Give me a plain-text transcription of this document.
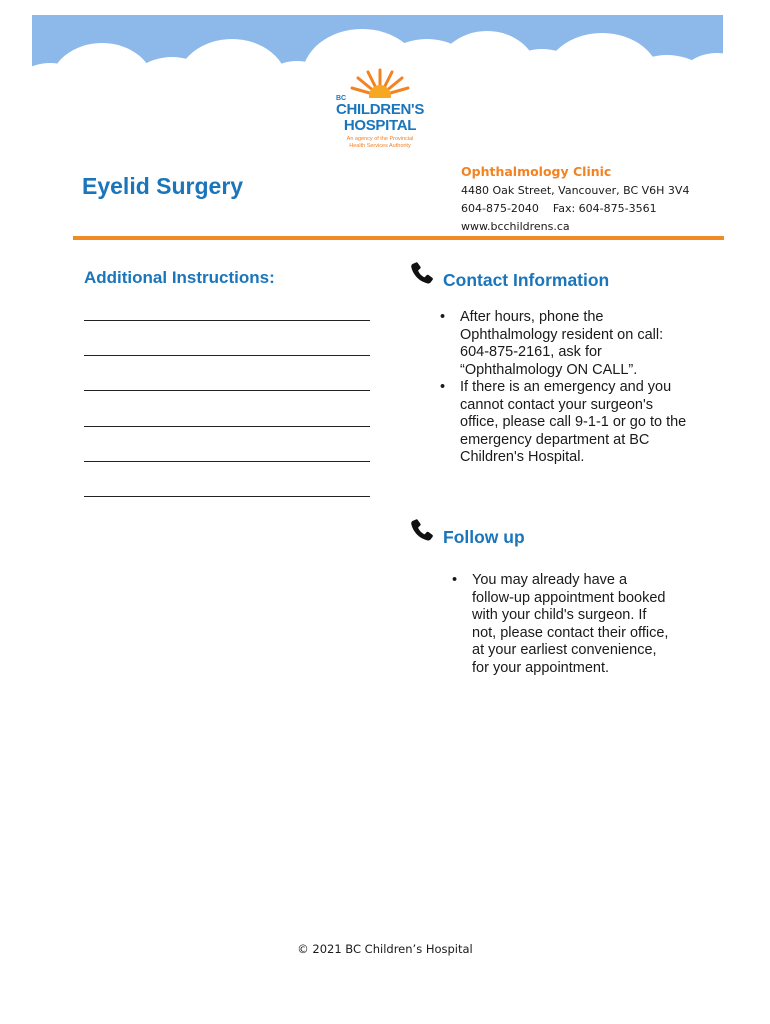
BC
CHILDREN'S
HOSPITAL
An agency of the Provincial
Health Services Authority
Eyelid Surgery
Ophthalmology Clinic
4480 Oak Street, Vancouver, BC V6H 3V4
604-875-2040    Fax: 604-875-3561
www.bcchildrens.ca
Additional Instructions:	Contact Information
• After hours, phone the
Ophthalmology resident on call:
604-875-2161, ask for
“Ophthalmology ON CALL”.
• If there is an emergency and you
cannot contact your surgeon's
office, please call 9-1-1 or go to the
emergency department at BC
Children's Hospital.
Follow up
• You may already have a
follow-up appointment booked
with your child's surgeon. If
not, please contact their office,
at your earliest convenience,
for your appointment.
© 2021 BC Children’s Hospital
